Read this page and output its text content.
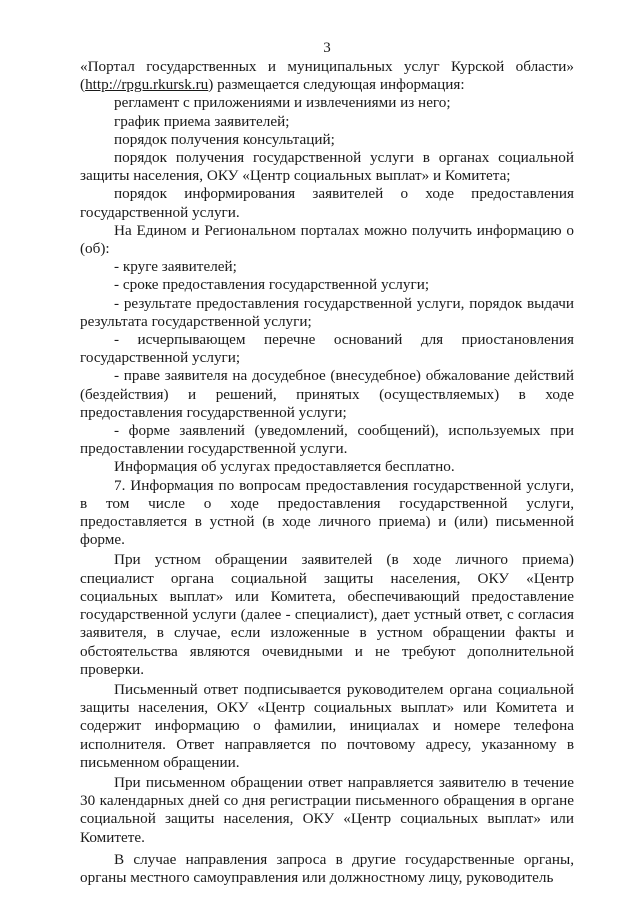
3

«Портал государственных и муниципальных услуг Курской области» (http://rpgu.rkursk.ru) размещается следующая информация:

регламент с приложениями и извлечениями из него;

график приема заявителей;

порядок получения консультаций;

порядок получения государственной услуги в органах социальной защиты населения, ОКУ «Центр социальных выплат» и Комитета;

порядок информирования заявителей о ходе предоставления государственной услуги.

На Едином и Региональном порталах можно получить информацию о (об):

- круге заявителей;

- сроке предоставления государственной услуги;

- результате предоставления государственной услуги, порядок выдачи результата государственной услуги;

- исчерпывающем перечне оснований для приостановления государственной услуги;

- праве заявителя на досудебное (внесудебное) обжалование действий (бездействия) и решений, принятых (осуществляемых) в ходе предоставления государственной услуги;

- форме заявлений (уведомлений, сообщений), используемых при предоставлении государственной услуги.

Информация об услугах предоставляется бесплатно.

7. Информация по вопросам предоставления государственной услуги, в том числе о ходе предоставления государственной услуги, предоставляется в устной (в ходе личного приема) и (или) письменной форме.

При устном обращении заявителей (в ходе личного приема) специалист органа социальной защиты населения, ОКУ «Центр социальных выплат» или Комитета, обеспечивающий предоставление государственной услуги (далее - специалист), дает устный ответ, с согласия заявителя, в случае, если изложенные в устном обращении факты и обстоятельства являются очевидными и не требуют дополнительной проверки.

Письменный ответ подписывается руководителем органа социальной защиты населения, ОКУ «Центр социальных выплат» или Комитета и содержит информацию о фамилии, инициалах и номере телефона исполнителя. Ответ направляется по почтовому адресу, указанному в письменном обращении.

При письменном обращении ответ направляется заявителю в течение 30 календарных дней со дня регистрации письменного обращения в органе социальной защиты населения, ОКУ «Центр социальных выплат» или Комитете.

В случае направления запроса в другие государственные органы, органы местного самоуправления или должностному лицу, руководитель
